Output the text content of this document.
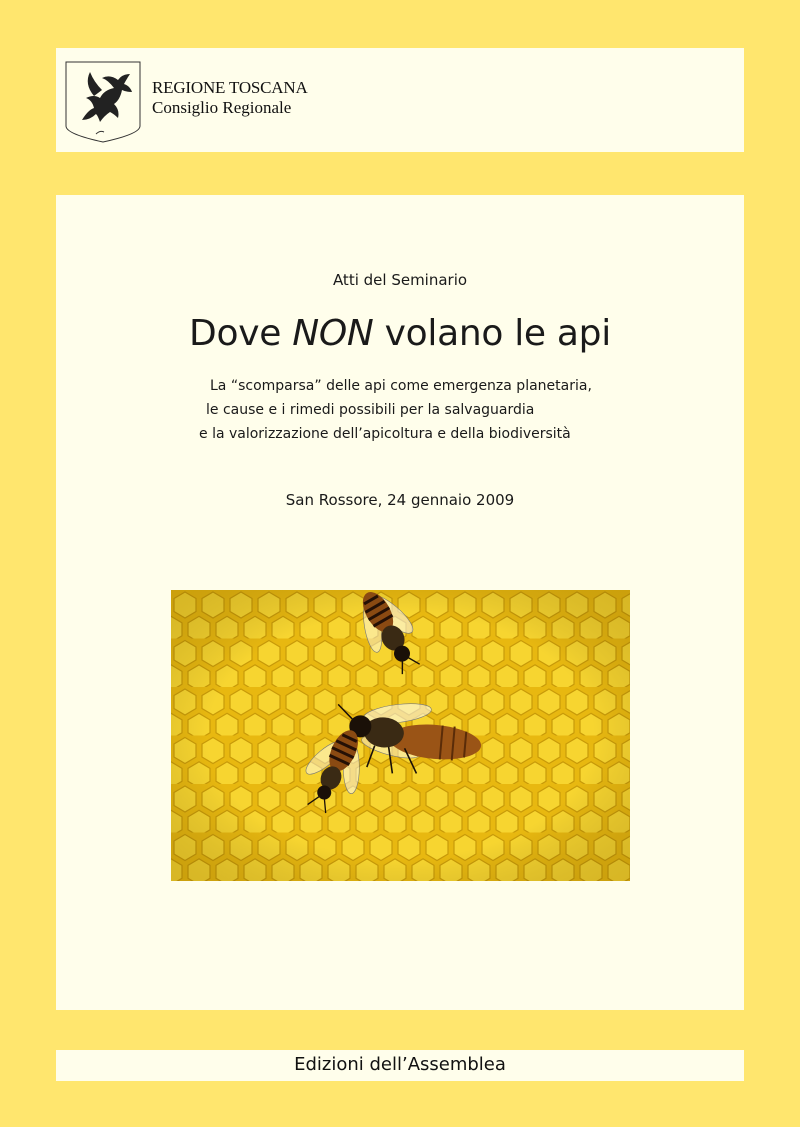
REGIONE TOSCANA
Consiglio Regionale
Atti del Seminario
Dove NON volano le api
La “scomparsa” delle api come emergenza planetaria,
le cause e i rimedi possibili per la salvaguardia
e la valorizzazione dell’apicoltura e della biodiversità
San Rossore, 24 gennaio 2009
Edizioni dell’Assemblea
